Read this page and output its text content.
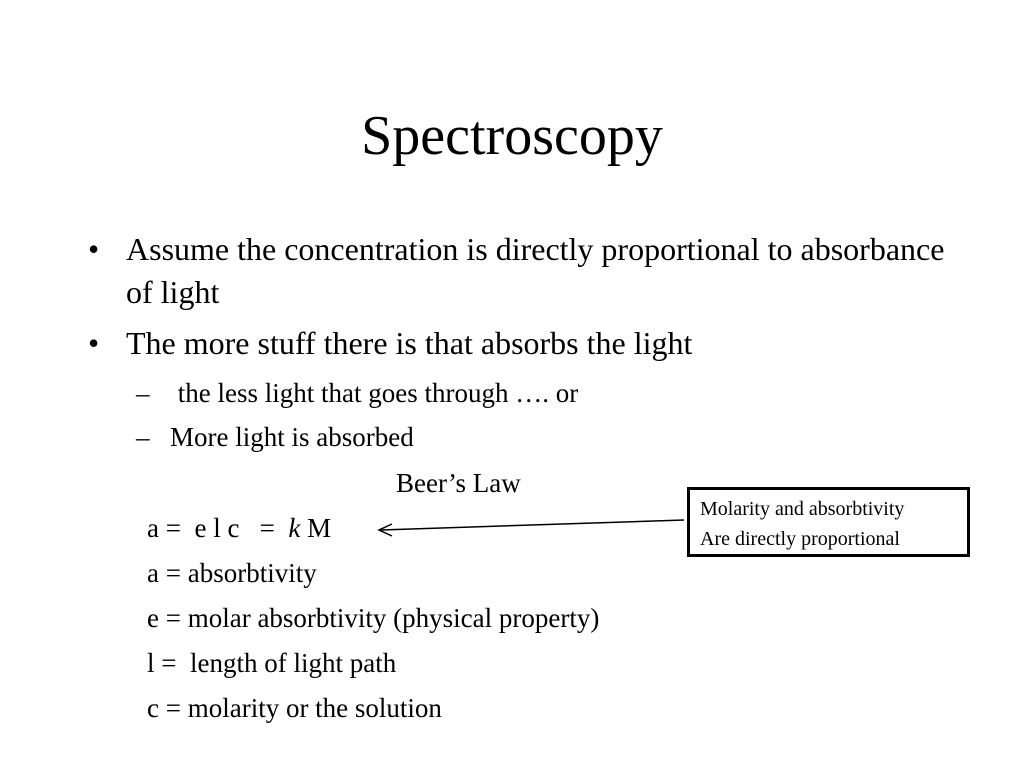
Spectroscopy
• Assume the concentration is directly proportional to absorbance of light
• The more stuff there is that absorbs the light
– the less light that goes through …. or
– More light is absorbed
Beer’s Law
a =  e l c   =  k M
a = absorbtivity
e = molar absorbtivity (physical property)
l =  length of light path
c = molarity or the solution
Molarity and absorbtivity
Are directly proportional
